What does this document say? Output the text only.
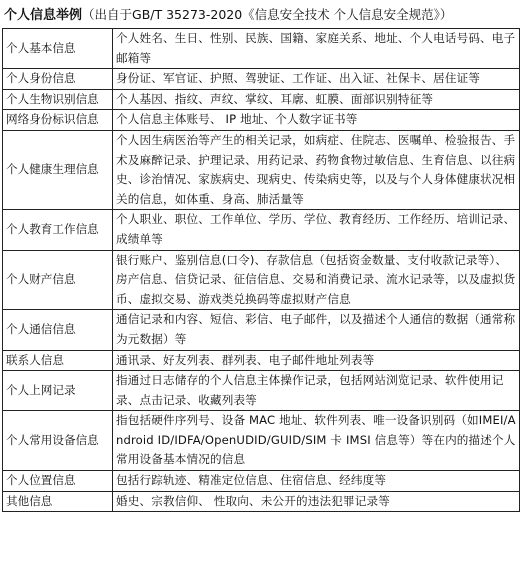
个人信息举例（出自于GB/T 35273-2020《信息安全技术 个人信息安全规范》）
个人基本信息	个人姓名、生日、性别、民族、国籍、家庭关系、地址、个人电话号码、电子邮箱等
个人身份信息	身份证、军官证、护照、驾驶证、工作证、出入证、社保卡、居住证等
个人生物识别信息	个人基因、指纹、声纹、掌纹、耳廓、虹膜、面部识别特征等
网络身份标识信息	个人信息主体账号、 IP 地址、个人数字证书等
个人健康生理信息	个人因生病医治等产生的相关记录，如病症、住院志、医嘱单、检验报告、手术及麻醉记录、护理记录、用药记录、药物食物过敏信息、生育信息、以往病史、诊治情况、家族病史、现病史、传染病史等，以及与个人身体健康状况相关的信息，如体重、身高、肺活量等
个人教育工作信息	个人职业、职位、工作单位、学历、学位、教育经历、工作经历、培训记录、成绩单等
个人财产信息	银行账户、鉴别信息(口令)、存款信息（包括资金数量、支付收款记录等）、房产信息、信贷记录、征信信息、交易和消费记录、流水记录等，以及虚拟货币、虚拟交易、游戏类兑换码等虚拟财产信息
个人通信信息	通信记录和内容、短信、彩信、电子邮件，以及描述个人通信的数据（通常称为元数据）等
联系人信息	通讯录、好友列表、群列表、电子邮件地址列表等
个人上网记录	指通过日志储存的个人信息主体操作记录，包括网站浏览记录、软件使用记录、点击记录、收藏列表等
个人常用设备信息	指包括硬件序列号、设备 MAC 地址、软件列表、唯一设备识别码（如IMEI/Android ID/IDFA/OpenUDID/GUID/SIM 卡 IMSI 信息等）等在内的描述个人常用设备基本情况的信息
个人位置信息	包括行踪轨迹、精准定位信息、住宿信息、经纬度等
其他信息	婚史、宗教信仰、 性取向、未公开的违法犯罪记录等
